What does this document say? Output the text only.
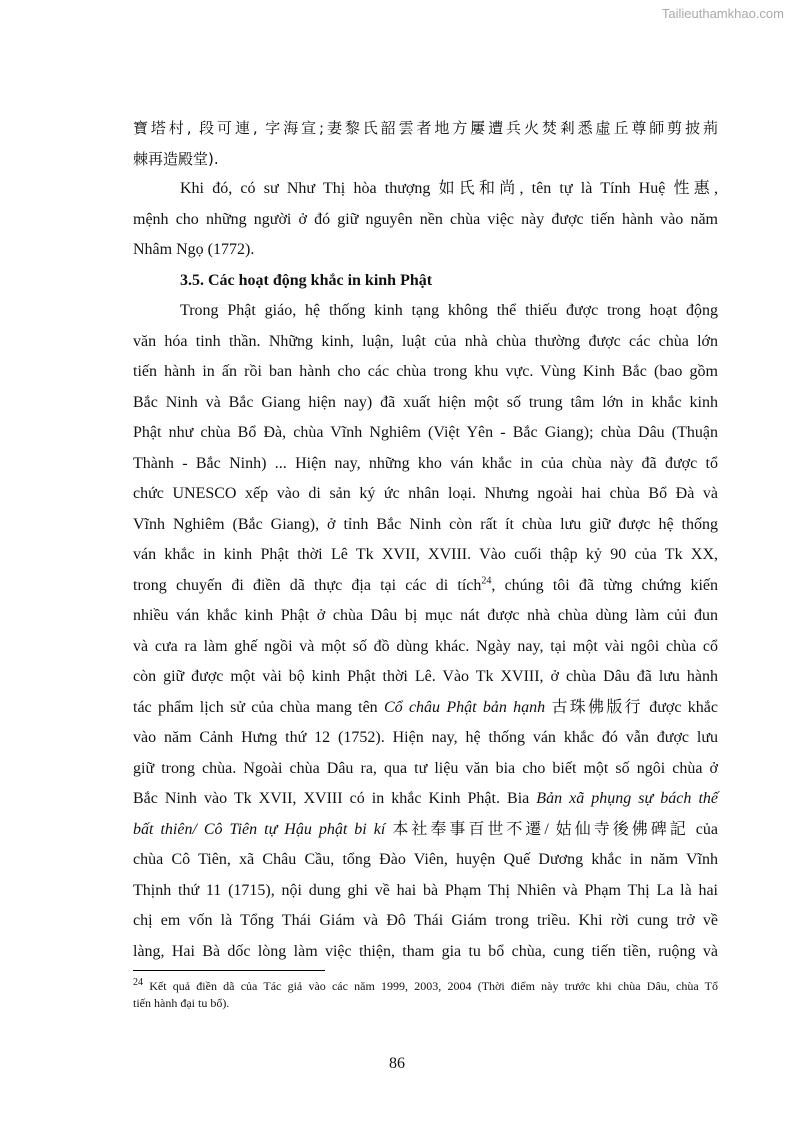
Tailieuthamkhao.com
寶塔村, 段可連, 字海宣;妻黎氏韶雲者地方屢遭兵火焚剎悉虛丘尊師剪披荊
棘再造殿堂).
Khi đó, có sư Như Thị hòa thượng 如氏和尚, tên tự là Tính Huệ 性惠,
mệnh cho những người ở đó giữ nguyên nền chùa việc này được tiến hành vào năm
Nhâm Ngọ (1772).
3.5. Các hoạt động khắc in kinh Phật
Trong Phật giáo, hệ thống kinh tạng không thể thiếu được trong hoạt động
văn hóa tinh thần. Những kinh, luận, luật của nhà chùa thường được các chùa lớn
tiến hành in ấn rồi ban hành cho các chùa trong khu vực. Vùng Kinh Bắc (bao gồm
Bắc Ninh và Bắc Giang hiện nay) đã xuất hiện một số trung tâm lớn in khắc kinh
Phật như chùa Bổ Đà, chùa Vĩnh Nghiêm (Việt Yên - Bắc Giang); chùa Dâu (Thuận
Thành - Bắc Ninh) ... Hiện nay, những kho ván khắc in của chùa này đã được tổ
chức UNESCO xếp vào di sản ký ức nhân loại. Nhưng ngoài hai chùa Bổ Đà và
Vĩnh Nghiêm (Bắc Giang), ở tỉnh Bắc Ninh còn rất ít chùa lưu giữ được hệ thống
ván khắc in kinh Phật thời Lê Tk XVII, XVIII. Vào cuối thập kỷ 90 của Tk XX,
trong chuyến đi điền dã thực địa tại các di tích$^{24}$, chúng tôi đã từng chứng kiến
nhiều ván khắc kinh Phật ở chùa Dâu bị mục nát được nhà chùa dùng làm củi đun
và cưa ra làm ghế ngồi và một số đồ dùng khác. Ngày nay, tại một vài ngôi chùa cổ
còn giữ được một vài bộ kinh Phật thời Lê. Vào Tk XVIII, ở chùa Dâu đã lưu hành
tác phẩm lịch sử của chùa mang tên Cổ châu Phật bản hạnh 古珠佛版行 được khắc
vào năm Cảnh Hưng thứ 12 (1752). Hiện nay, hệ thống ván khắc đó vẫn được lưu
giữ trong chùa. Ngoài chùa Dâu ra, qua tư liệu văn bia cho biết một số ngôi chùa ở
Bắc Ninh vào Tk XVII, XVIII có in khắc Kinh Phật. Bia Bản xã phụng sự bách thế
bất thiên/ Cô Tiên tự Hậu phật bi kí 本社奉事百世不遷/ 姑仙寺後佛碑記 của
chùa Cô Tiên, xã Châu Cầu, tổng Đào Viên, huyện Quế Dương khắc in năm Vĩnh
Thịnh thứ 11 (1715), nội dung ghi về hai bà Phạm Thị Nhiên và Phạm Thị La là hai
chị em vốn là Tổng Thái Giám và Đô Thái Giám trong triều. Khi rời cung trở về
làng, Hai Bà dốc lòng làm việc thiện, tham gia tu bổ chùa, cung tiến tiền, ruộng và
$^{24}$ Kết quả điền dã của Tác giả vào các năm 1999, 2003, 2004 (Thời điểm này trước khi chùa Dâu, chùa Tổ
tiến hành đại tu bổ).
86
